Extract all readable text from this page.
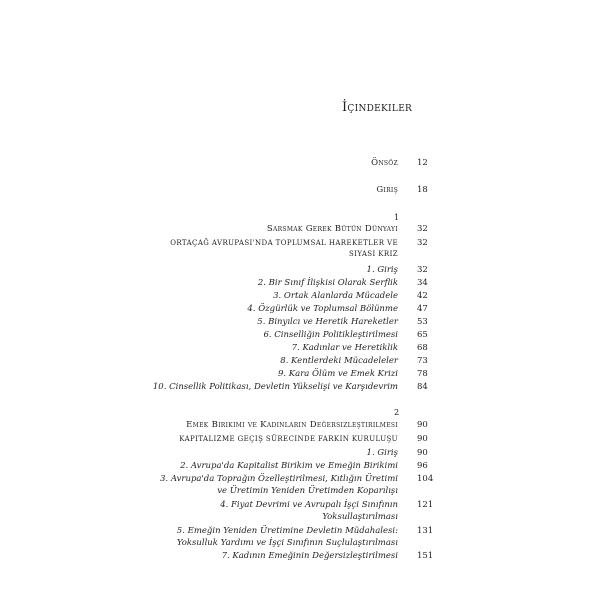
İçindekiler
Önsöz 12
Giriş 18
1
Sarsmak Gerek Bütün Dünyayı 32
ORTAÇAĞ AVRUPASI'NDA TOPLUMSAL HAREKETLER VE 32
SIYASI KRIZ
1. Giriş 32
2. Bir Sınıf İlişkisi Olarak Serflik 34
3. Ortak Alanlarda Mücadele 42
4. Özgürlük ve Toplumsal Bölünme 47
5. Binyılcı ve Heretik Hareketler 53
6. Cinselliğin Politikleştirilmesi 65
7. Kadınlar ve Heretiklik 68
8. Kentlerdeki Mücadeleler 73
9. Kara Ölüm ve Emek Krizi 78
10. Cinsellik Politikası, Devletin Yükselişi ve Karşıdevrim 84
2
Emek Birikimi ve Kadınların Değersizleştirilmesi 90
KAPITALIZME GEÇIŞ SÜRECINDE FARKIN KURULUŞU 90
1. Giriş 90
2. Avrupa'da Kapitalist Birikim ve Emeğin Birikimi 96
3. Avrupa'da Toprağın Özelleştirilmesi, Kıtlığın Üretimi 104
ve Üretimin Yeniden Üretimden Koparılışı
4. Fiyat Devrimi ve Avrupalı İşçi Sınıfının 121
Yoksullaştırılması
5. Emeğin Yeniden Üretimine Devletin Müdahalesi: 131
Yoksulluk Yardımı ve İşçi Sınıfının Suçlulaştırılması
7. Kadının Emeğinin Değersizleştirilmesi 151
